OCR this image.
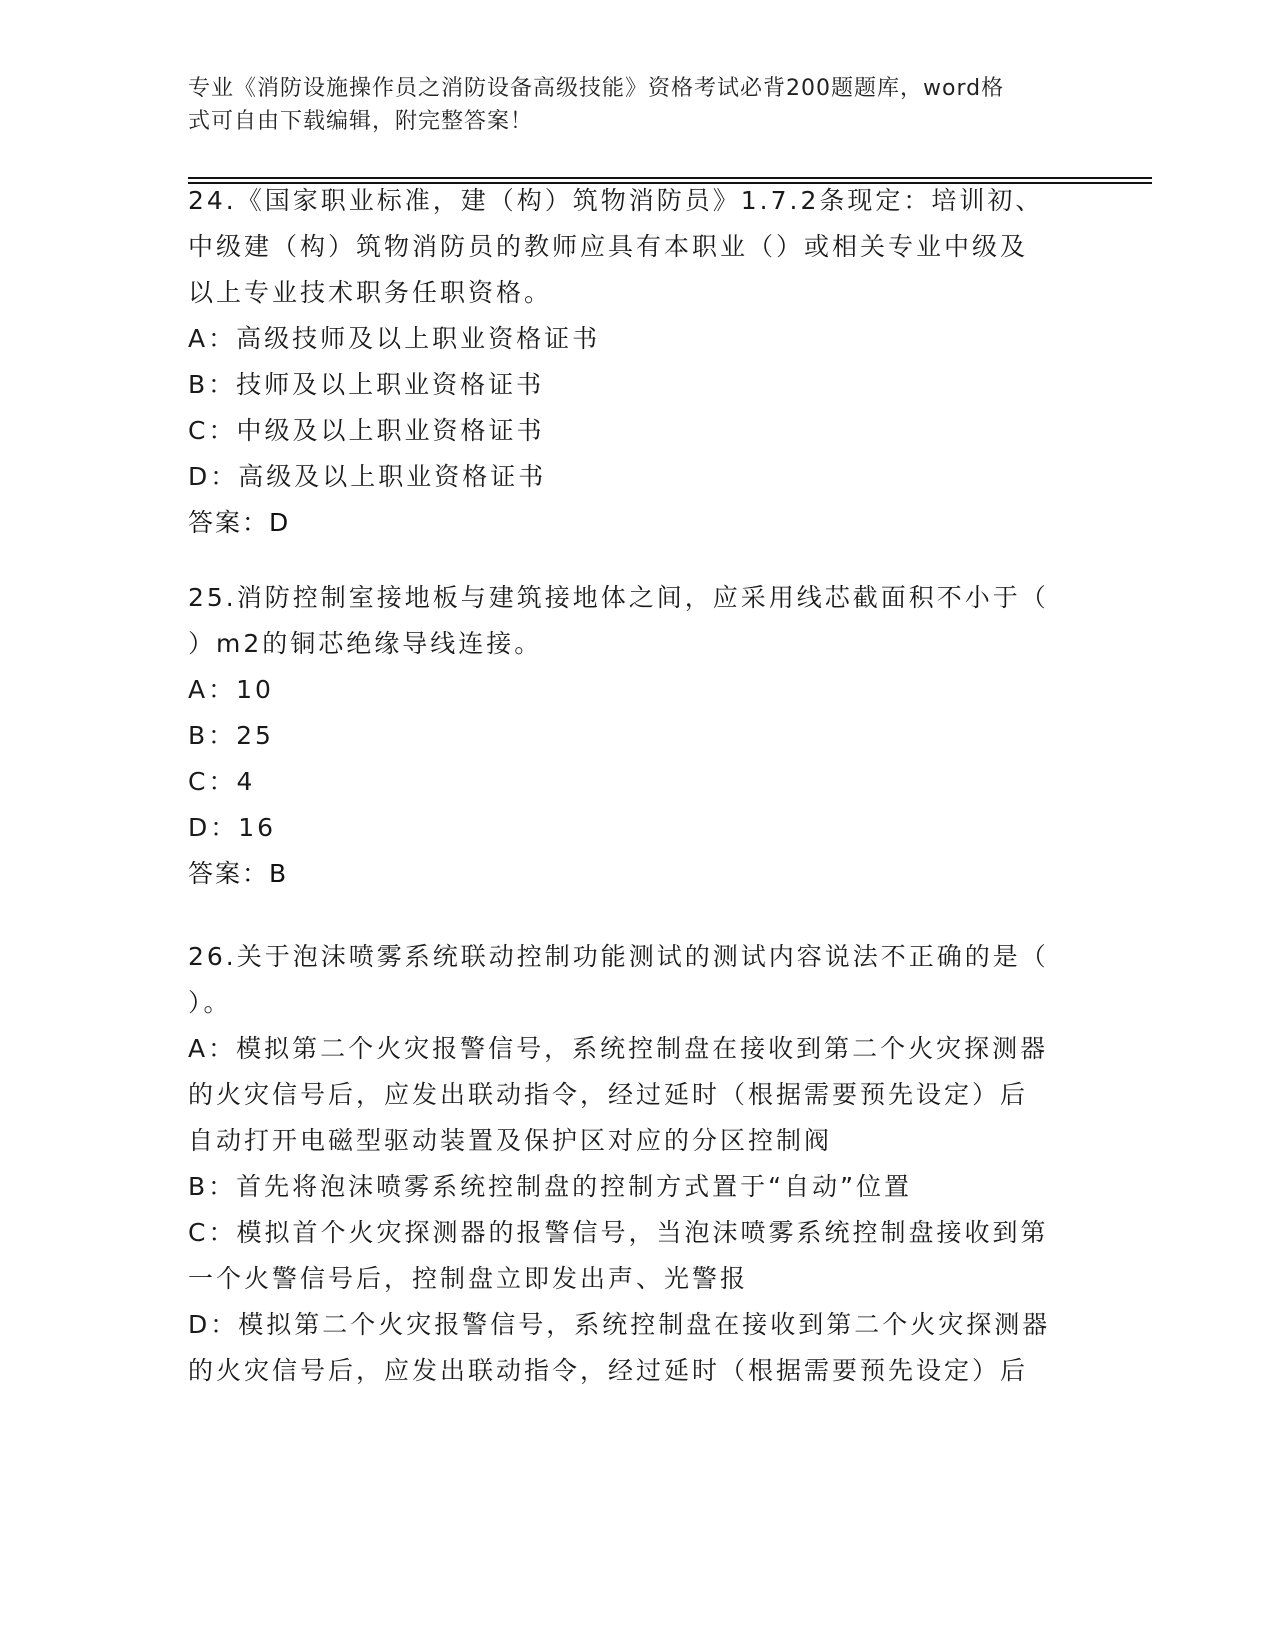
专业《消防设施操作员之消防设备高级技能》资格考试必背200题题库，word格
式可自由下载编辑，附完整答案！
24.《国家职业标准，建（构）筑物消防员》1.7.2条现定：培训初、
中级建（构）筑物消防员的教师应具有本职业（）或相关专业中级及
以上专业技术职务任职资格。
A：高级技师及以上职业资格证书
B：技师及以上职业资格证书
C：中级及以上职业资格证书
D：高级及以上职业资格证书
答案：D
25.消防控制室接地板与建筑接地体之间，应采用线芯截面积不小于（
）m2的铜芯绝缘导线连接。
A：10
B：25
C：4
D：16
答案：B
26.关于泡沫喷雾系统联动控制功能测试的测试内容说法不正确的是（
）。
A：模拟第二个火灾报警信号，系统控制盘在接收到第二个火灾探测器
的火灾信号后，应发出联动指令，经过延时（根据需要预先设定）后
自动打开电磁型驱动装置及保护区对应的分区控制阀
B：首先将泡沫喷雾系统控制盘的控制方式置于“自动”位置
C：模拟首个火灾探测器的报警信号，当泡沫喷雾系统控制盘接收到第
一个火警信号后，控制盘立即发出声、光警报
D：模拟第二个火灾报警信号，系统控制盘在接收到第二个火灾探测器
的火灾信号后，应发出联动指令，经过延时（根据需要预先设定）后
